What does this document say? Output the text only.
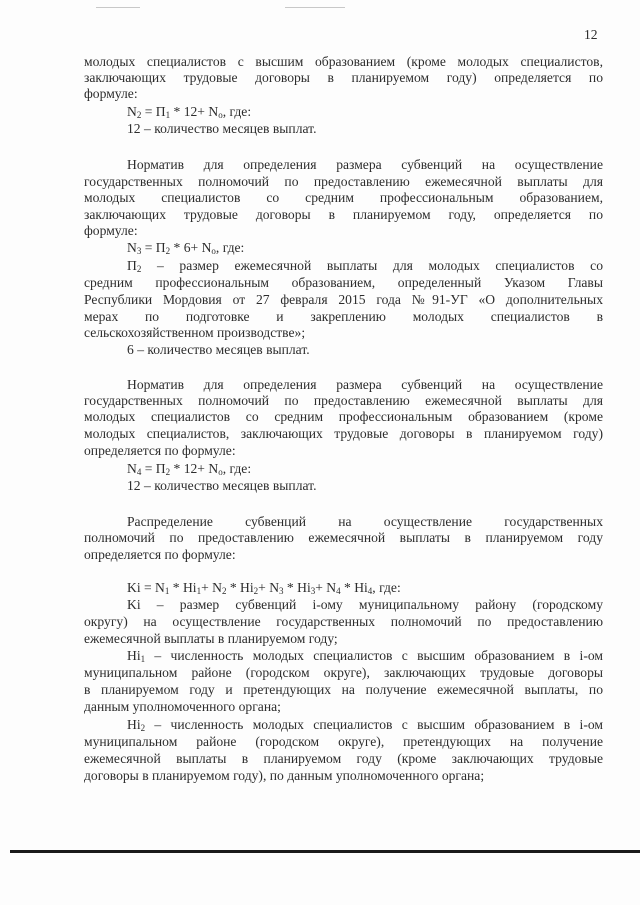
12
молодых специалистов с высшим образованием (кроме молодых специалистов,
заключающих трудовые договоры в планируемом году) определяется по
формуле:
$N_2 = П_1 * 12+ N_o$, где:
12 – количество месяцев выплат.
Норматив для определения размера субвенций на осуществление
государственных полномочий по предоставлению ежемесячной выплаты для
молодых специалистов со средним профессиональным образованием,
заключающих трудовые договоры в планируемом году, определяется по
формуле:
$N_3 = П_2 * 6+ N_o$, где:
$П_2$ – размер ежемесячной выплаты для молодых специалистов со
средним профессиональным образованием, определенный Указом Главы
Республики Мордовия от 27 февраля 2015 года №91-УГ «О дополнительных
мерах по подготовке и закреплению молодых специалистов в
сельскохозяйственном производстве»;
6 – количество месяцев выплат.
Норматив для определения размера субвенций на осуществление
государственных полномочий по предоставлению ежемесячной выплаты для
молодых специалистов со средним профессиональным образованием (кроме
молодых специалистов, заключающих трудовые договоры в планируемом году)
определяется по формуле:
$N_4 = П_2 * 12+ N_o$, где:
12 – количество месяцев выплат.
Распределение субвенций на осуществление государственных
полномочий по предоставлению ежемесячной выплаты в планируемом году
определяется по формуле:
$Ki = N_1 * Hi_1+ N_2 * Hi_2+ N_3 * Hi_3+ N_4 * Hi_4$, где:
Ki – размер субвенций i-ому муниципальному району (городскому
округу) на осуществление государственных полномочий по предоставлению
ежемесячной выплаты в планируемом году;
$Hi_1$ – численность молодых специалистов с высшим образованием в i-ом
муниципальном районе (городском округе), заключающих трудовые договоры
в планируемом году и претендующих на получение ежемесячной выплаты, по
данным уполномоченного органа;
$Hi_2$ – численность молодых специалистов с высшим образованием в i-ом
муниципальном районе (городском округе), претендующих на получение
ежемесячной выплаты в планируемом году (кроме заключающих трудовые
договоры в планируемом году), по данным уполномоченного органа;
